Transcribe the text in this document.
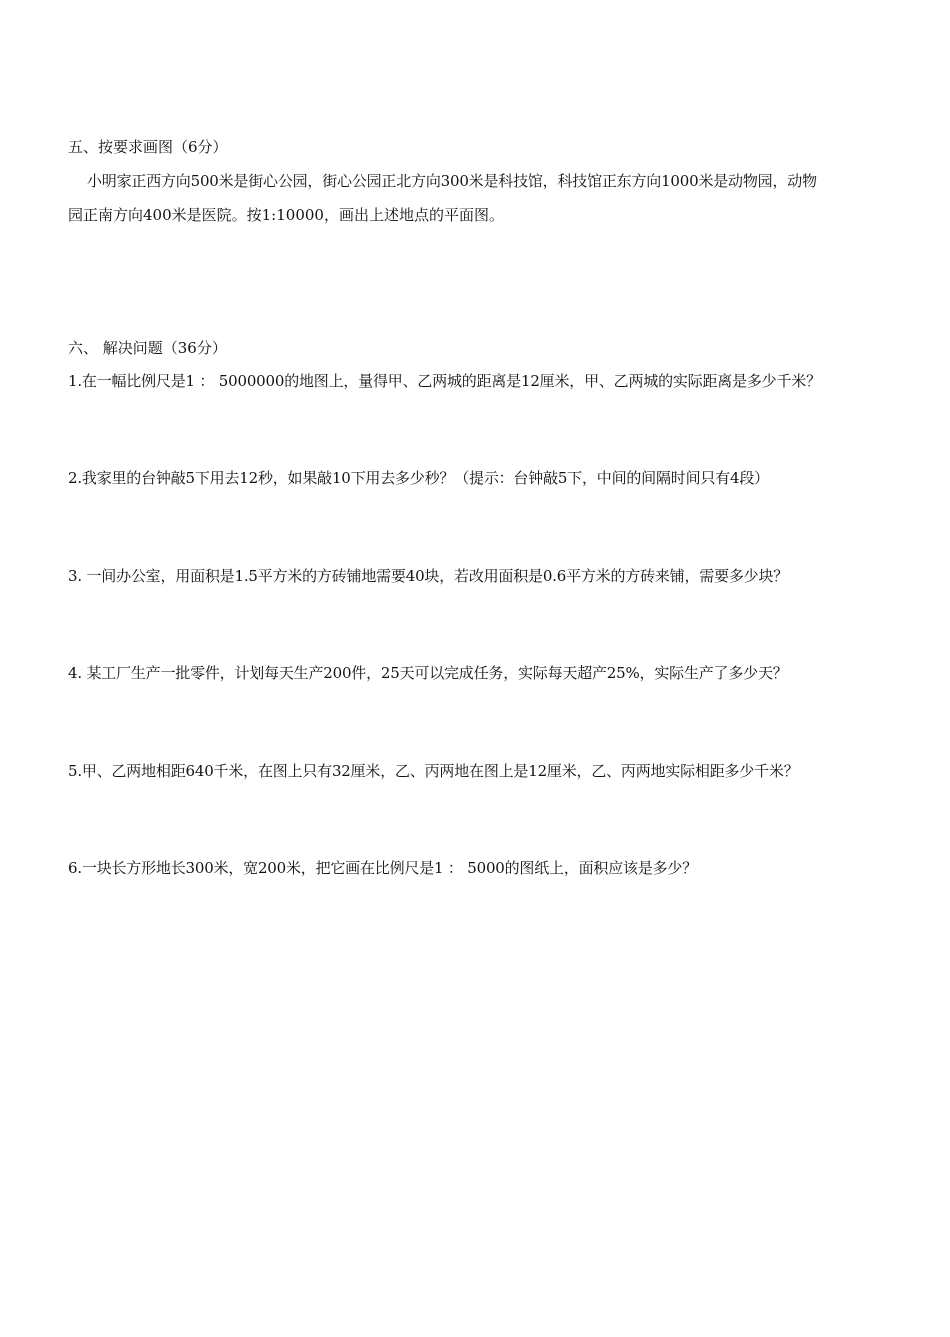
五、按要求画图（6分）
小明家正西方向500米是街心公园，街心公园正北方向300米是科技馆，科技馆正东方向1000米是动物园，动物
园正南方向400米是医院。按1:10000，画出上述地点的平面图。
六、 解决问题（36分）
1.在一幅比例尺是1 ： 5000000的地图上，量得甲、乙两城的距离是12厘米，甲、乙两城的实际距离是多少千米？
2.我家里的台钟敲5下用去12秒，如果敲10下用去多少秒？（提示：台钟敲5下，中间的间隔时间只有4段）
3. 一间办公室，用面积是1.5平方米的方砖铺地需要40块，若改用面积是0.6平方米的方砖来铺，需要多少块？
4. 某工厂生产一批零件，计划每天生产200件，25天可以完成任务，实际每天超产25%，实际生产了多少天？
5.甲、乙两地相距640千米，在图上只有32厘米，乙、丙两地在图上是12厘米，乙、丙两地实际相距多少千米？
6.一块长方形地长300米，宽200米，把它画在比例尺是1 ： 5000的图纸上，面积应该是多少？
